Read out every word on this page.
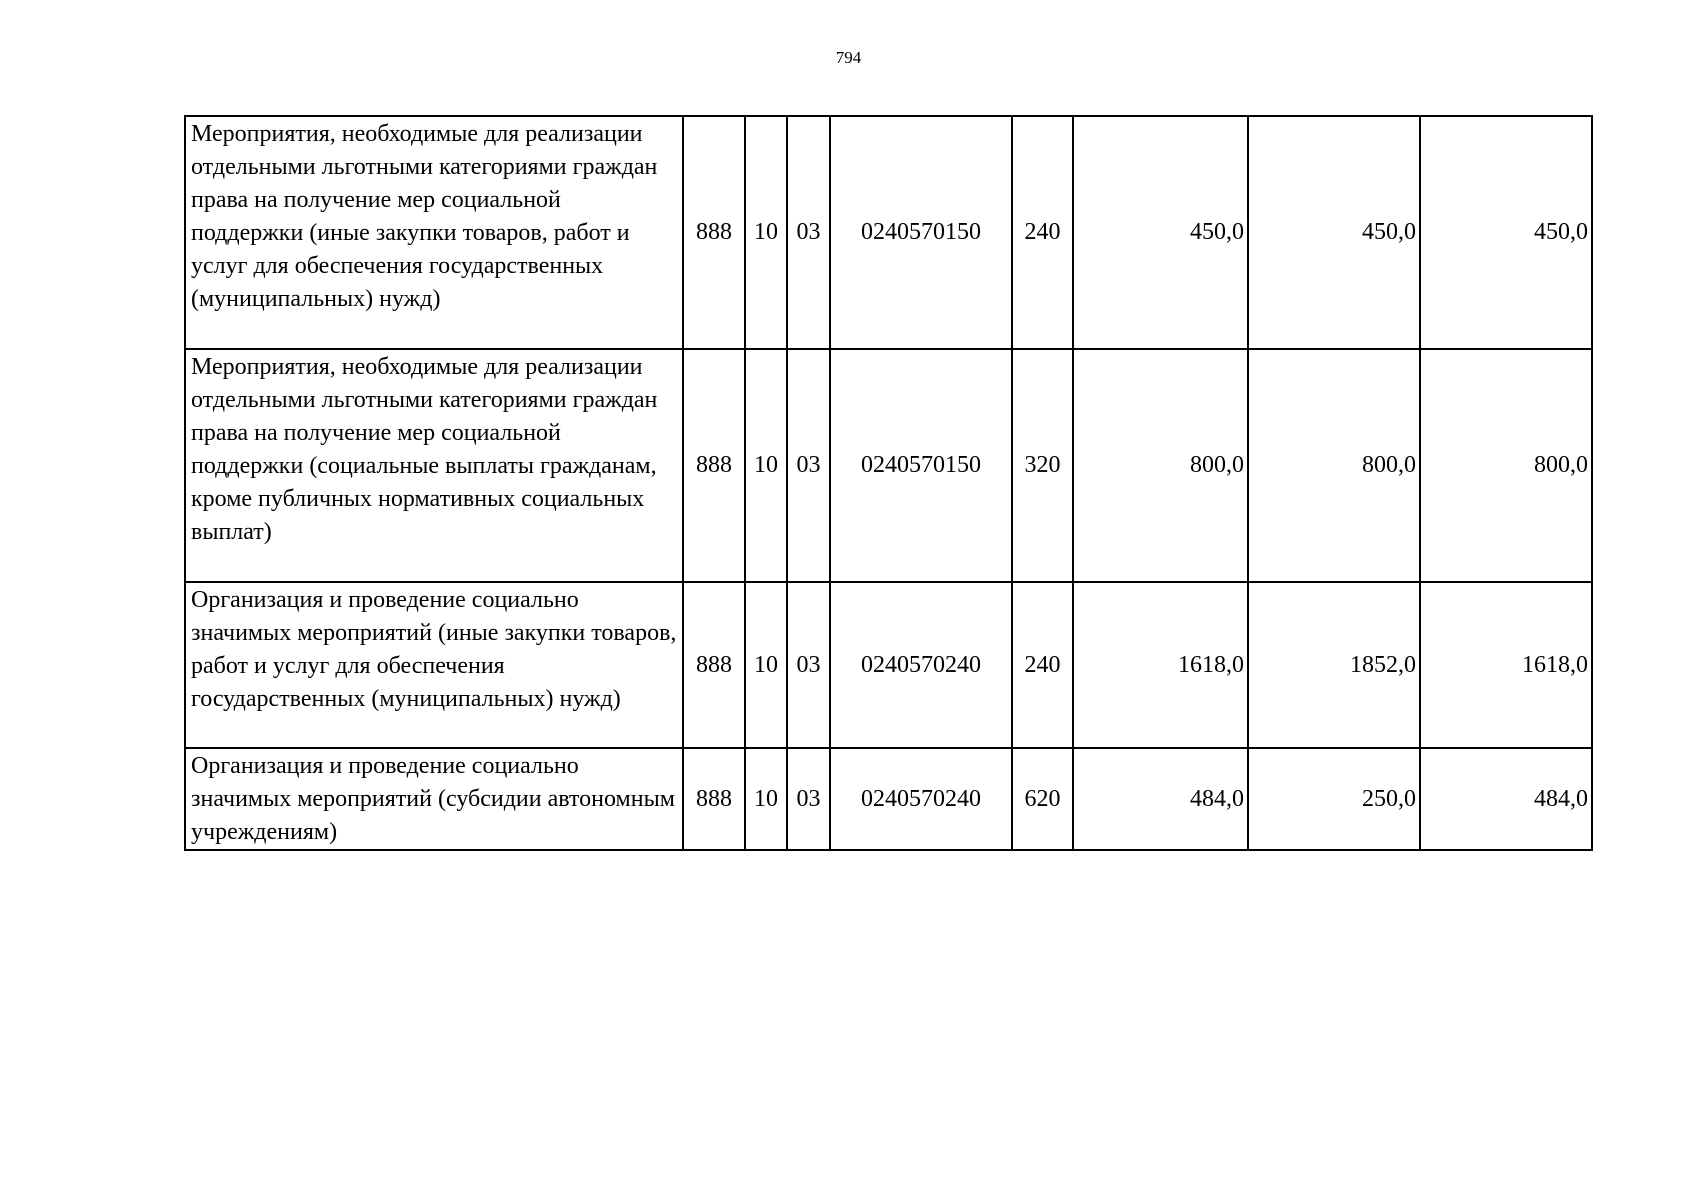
794
Мероприятия, необходимые для реализации отдельными льготными категориями граждан права на получение мер социальной поддержки (иные закупки товаров, работ и услуг для обеспечения государственных (муниципальных) нужд)	888	10	03	0240570150	240	450,0	450,0	450,0
Мероприятия, необходимые для реализации отдельными льготными категориями граждан права на получение мер социальной поддержки (социальные выплаты гражданам, кроме публичных нормативных социальных выплат)	888	10	03	0240570150	320	800,0	800,0	800,0
Организация и проведение социально значимых мероприятий (иные закупки товаров, работ и услуг для обеспечения государственных (муниципальных) нужд)	888	10	03	0240570240	240	1618,0	1852,0	1618,0
Организация и проведение социально значимых мероприятий (субсидии автономным учреждениям)	888	10	03	0240570240	620	484,0	250,0	484,0
